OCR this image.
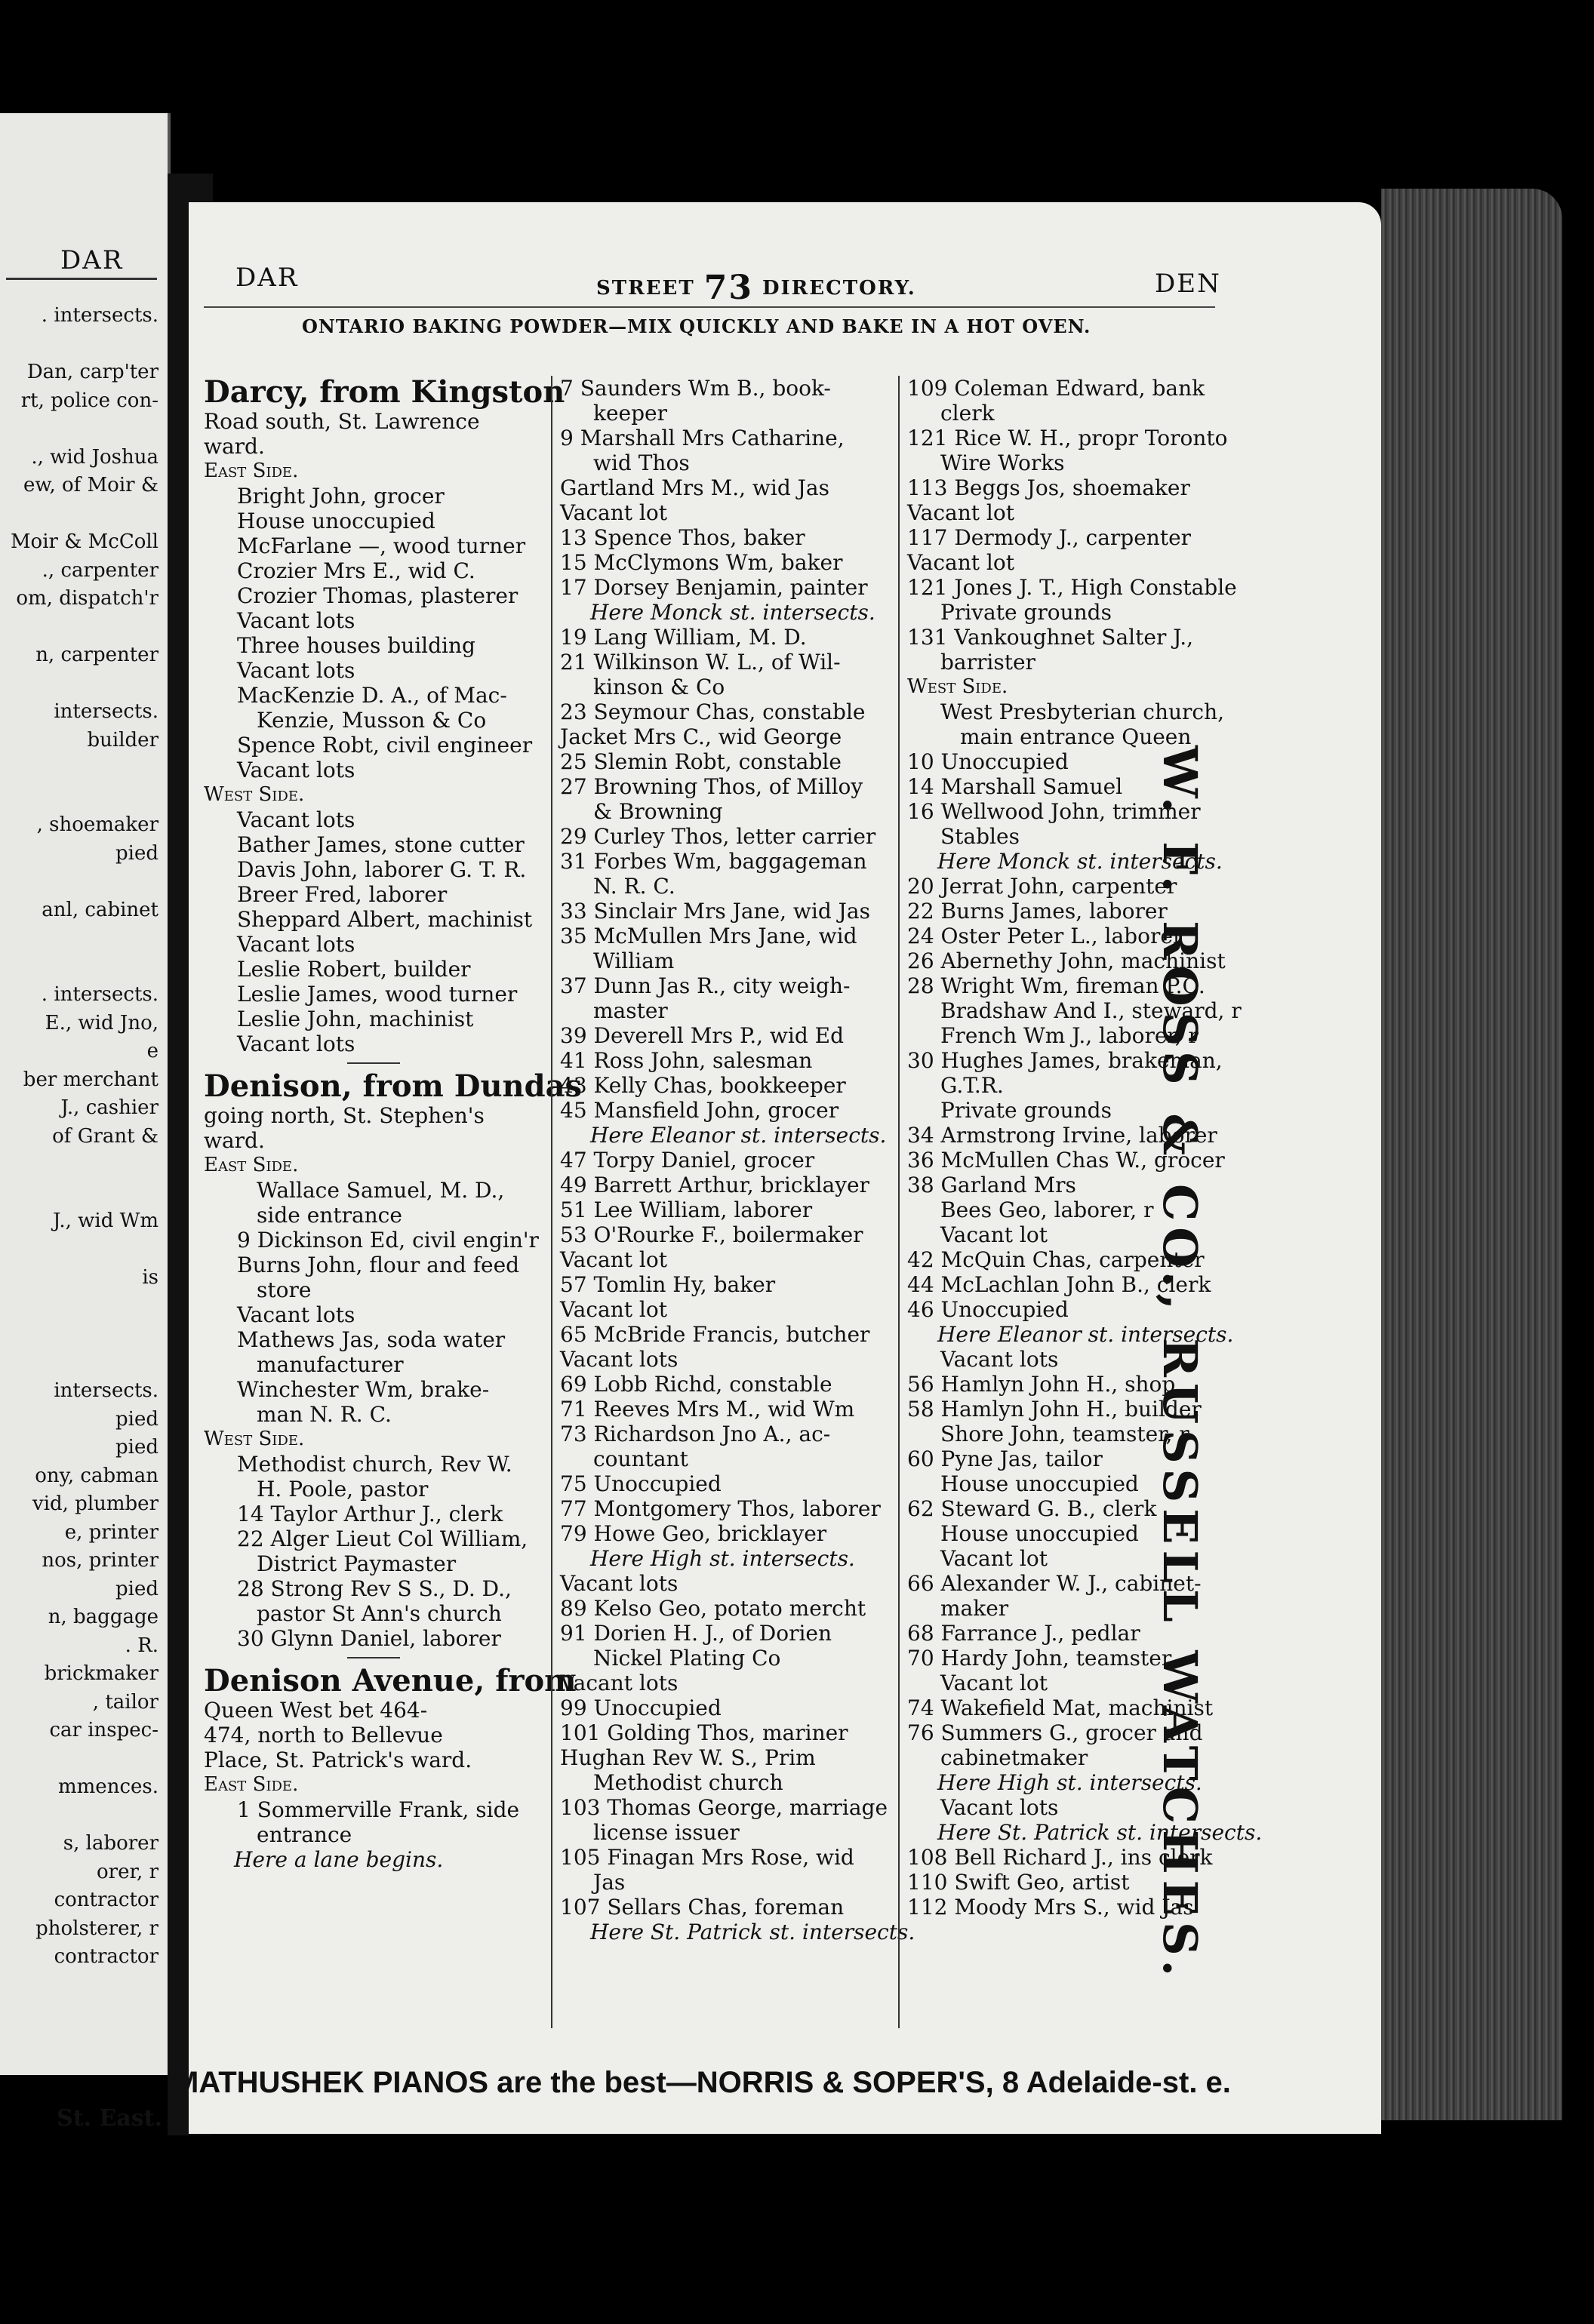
DAR
. intersects.

Dan, carp'ter
rt, police con-

., wid Joshua
ew, of Moir &

Moir & McColl
., carpenter
om, dispatch'r

n, carpenter

intersects.
builder

, shoemaker
pied

anl, cabinet

. intersects.
E., wid Jno,
e
ber merchant
J., cashier
of Grant &

J., wid Wm

is

intersects.
pied
pied
ony, cabman
vid, plumber
e, printer
nos, printer
pied
n, baggage
. R.
brickmaker
, tailor
car inspec-

mmences.

s, laborer
orer, r
contractor
pholsterer, r
contractor
St. East.
DAR	STREET 73 DIRECTORY.	DEN
ONTARIO BAKING POWDER—MIX QUICKLY AND BAKE IN A HOT OVEN.
Darcy, from Kingston
Road south, St. Lawrence
ward.
East Side.
Bright John, grocer
House unoccupied
McFarlane —, wood turner
Crozier Mrs E., wid C.
Crozier Thomas, plasterer
Vacant lots
Three houses building
Vacant lots
MacKenzie D. A., of Mac-
Kenzie, Musson & Co
Spence Robt, civil engineer
Vacant lots
West Side.
Vacant lots
Bather James, stone cutter
Davis John, laborer G. T. R.
Breer Fred, laborer
Sheppard Albert, machinist
Vacant lots
Leslie Robert, builder
Leslie James, wood turner
Leslie John, machinist
Vacant lots
Denison, from Dundas
going north, St. Stephen's
ward.
East Side.
Wallace Samuel, M. D.,
side entrance
9 Dickinson Ed, civil engin'r
Burns John, flour and feed
store
Vacant lots
Mathews Jas, soda water
manufacturer
Winchester Wm, brake-
man N. R. C.
West Side.
Methodist church, Rev W.
H. Poole, pastor
14 Taylor Arthur J., clerk
22 Alger Lieut Col William,
District Paymaster
28 Strong Rev S S., D. D.,
pastor St Ann's church
30 Glynn Daniel, laborer
Denison Avenue, from
Queen West bet 464-
474, north to Bellevue
Place, St. Patrick's ward.
East Side.
1 Sommerville Frank, side
entrance
Here a lane begins.
7 Saunders Wm B., book-
keeper
9 Marshall Mrs Catharine,
wid Thos
Gartland Mrs M., wid Jas
Vacant lot
13 Spence Thos, baker
15 McClymons Wm, baker
17 Dorsey Benjamin, painter
Here Monck st. intersects.
19 Lang William, M. D.
21 Wilkinson W. L., of Wil-
kinson & Co
23 Seymour Chas, constable
Jacket Mrs C., wid George
25 Slemin Robt, constable
27 Browning Thos, of Milloy
& Browning
29 Curley Thos, letter carrier
31 Forbes Wm, baggageman
N. R. C.
33 Sinclair Mrs Jane, wid Jas
35 McMullen Mrs Jane, wid
William
37 Dunn Jas R., city weigh-
master
39 Deverell Mrs P., wid Ed
41 Ross John, salesman
43 Kelly Chas, bookkeeper
45 Mansfield John, grocer
Here Eleanor st. intersects.
47 Torpy Daniel, grocer
49 Barrett Arthur, bricklayer
51 Lee William, laborer
53 O'Rourke F., boilermaker
Vacant lot
57 Tomlin Hy, baker
Vacant lot
65 McBride Francis, butcher
Vacant lots
69 Lobb Richd, constable
71 Reeves Mrs M., wid Wm
73 Richardson Jno A., ac-
countant
75 Unoccupied
77 Montgomery Thos, laborer
79 Howe Geo, bricklayer
Here High st. intersects.
Vacant lots
89 Kelso Geo, potato mercht
91 Dorien H. J., of Dorien
Nickel Plating Co
Vacant lots
99 Unoccupied
101 Golding Thos, mariner
Hughan Rev W. S., Prim
Methodist church
103 Thomas George, marriage
license issuer
105 Finagan Mrs Rose, wid
Jas
107 Sellars Chas, foreman
Here St. Patrick st. intersects.
109 Coleman Edward, bank
clerk
121 Rice W. H., propr Toronto
Wire Works
113 Beggs Jos, shoemaker
Vacant lot
117 Dermody J., carpenter
Vacant lot
121 Jones J. T., High Constable
Private grounds
131 Vankoughnet Salter J.,
barrister
West Side.
West Presbyterian church,
main entrance Queen
10 Unoccupied
14 Marshall Samuel
16 Wellwood John, trimmer
Stables
Here Monck st. intersects.
20 Jerrat John, carpenter
22 Burns James, laborer
24 Oster Peter L., laborer
26 Abernethy John, machinist
28 Wright Wm, fireman P.O.
Bradshaw And I., steward, r
French Wm J., laborer, r
30 Hughes James, brakeman,
G.T.R.
Private grounds
34 Armstrong Irvine, laborer
36 McMullen Chas W., grocer
38 Garland Mrs
Bees Geo, laborer, r
Vacant lot
42 McQuin Chas, carpenter
44 McLachlan John B., clerk
46 Unoccupied
Here Eleanor st. intersects.
Vacant lots
56 Hamlyn John H., shop
58 Hamlyn John H., builder
Shore John, teamster, r
60 Pyne Jas, tailor
House unoccupied
62 Steward G. B., clerk
House unoccupied
Vacant lot
66 Alexander W. J., cabinet-
maker
68 Farrance J., pedlar
70 Hardy John, teamster
Vacant lot
74 Wakefield Mat, machinist
76 Summers G., grocer and
cabinetmaker
Here High st. intersects.
Vacant lots
Here St. Patrick st. intersects.
108 Bell Richard J., ins clerk
110 Swift Geo, artist
112 Moody Mrs S., wid Jas
W. F. ROSS & CO., RUSSELL WATCHES.
MATHUSHEK PIANOS are the best—NORRIS & SOPER'S, 8 Adelaide-st. e.
